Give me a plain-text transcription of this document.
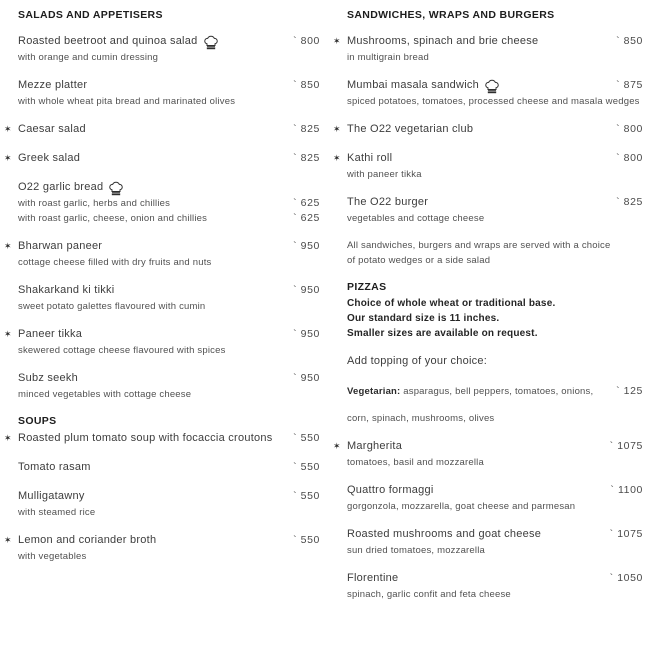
SALADS AND APPETISERS
Roasted beetroot and quinoa salad	` 800
with orange and cumin dressing
Mezze platter	` 850
with whole wheat pita bread and marinated olives
✶ Caesar salad	` 825
✶ Greek salad	` 825
O22 garlic bread
with roast garlic, herbs and chillies	` 625
with roast garlic, cheese, onion and chillies	` 625
✶ Bharwan paneer	` 950
cottage cheese filled with dry fruits and nuts
Shakarkand ki tikki	` 950
sweet potato galettes flavoured with cumin
✶ Paneer tikka	` 950
skewered cottage cheese flavoured with spices
Subz seekh	` 950
minced vegetables with cottage cheese
SOUPS
✶ Roasted plum tomato soup with focaccia croutons ` 550
Tomato rasam	` 550
Mulligatawny	` 550
with steamed rice
✶ Lemon and coriander broth	` 550
with vegetables
SANDWICHES, WRAPS AND BURGERS
✶ Mushrooms, spinach and brie cheese	` 850
in multigrain bread
Mumbai masala sandwich	` 875
spiced potatoes, tomatoes, processed cheese and masala wedges
✶ The O22 vegetarian club	` 800
✶ Kathi roll	` 800
with paneer tikka
The O22 burger	` 825
vegetables and cottage cheese
All sandwiches, burgers and wraps are served with a choice of potato wedges or a side salad
PIZZAS
Choice of whole wheat or traditional base.
Our standard size is 11 inches.
Smaller sizes are available on request.
Add topping of your choice:
Vegetarian: asparagus, bell peppers, tomatoes, onions,	` 125
corn, spinach, mushrooms, olives
✶ Margherita	` 1075
tomatoes, basil and mozzarella
Quattro formaggi	` 1100
gorgonzola, mozzarella, goat cheese and parmesan
Roasted mushrooms and goat cheese	` 1075
sun dried tomatoes, mozzarella
Florentine	` 1050
spinach, garlic confit and feta cheese
